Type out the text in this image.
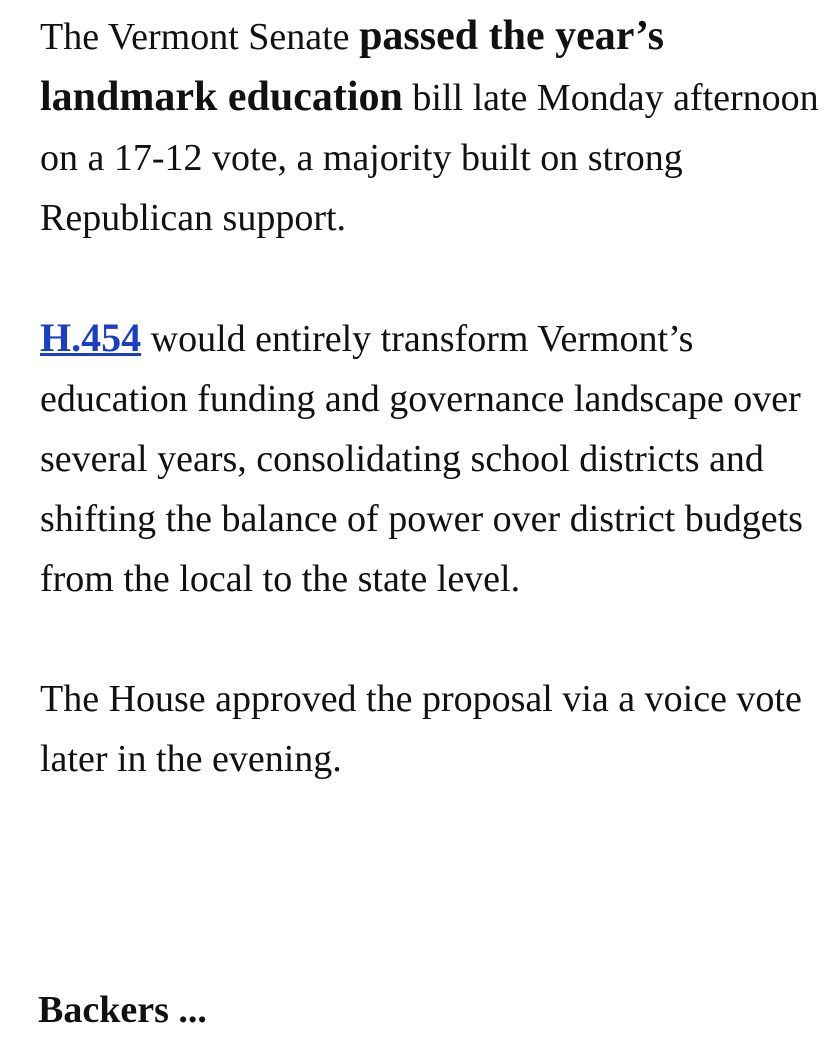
The Vermont Senate passed the year’s landmark education bill late Monday afternoon on a 17-12 vote, a majority built on strong Republican support.

H.454 would entirely transform Vermont’s education funding and governance landscape over several years, consolidating school districts and shifting the balance of power over district budgets from the local to the state level.

The House approved the proposal via a voice vote later in the evening.

Backers ...
